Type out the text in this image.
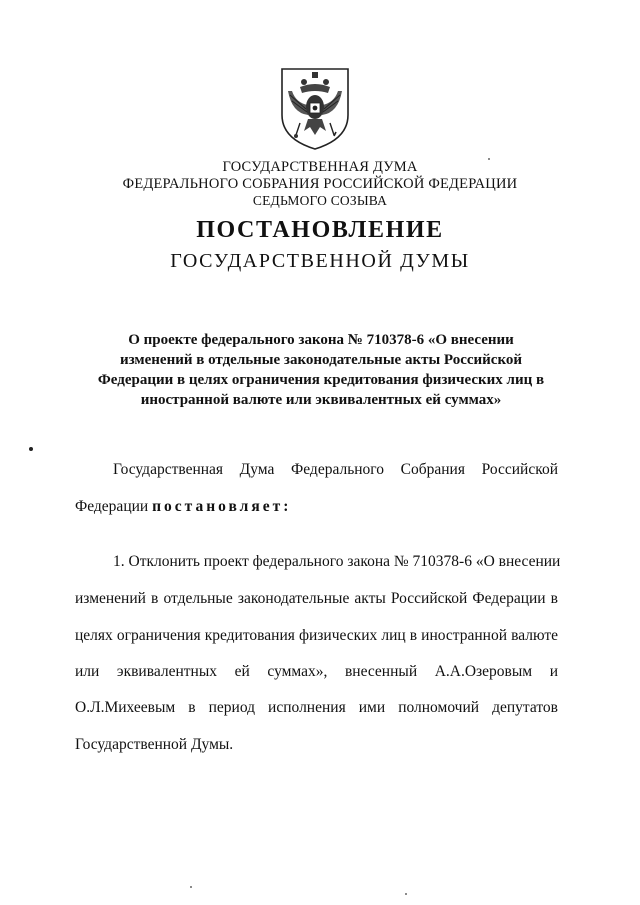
ГОСУДАРСТВЕННАЯ ДУМА
ФЕДЕРАЛЬНОГО СОБРАНИЯ РОССИЙСКОЙ ФЕДЕРАЦИИ
СЕДЬМОГО СОЗЫВА
ПОСТАНОВЛЕНИЕ
ГОСУДАРСТВЕННОЙ ДУМЫ
О проекте федерального закона № 710378-6 «О внесении изменений в отдельные законодательные акты Российской Федерации в целях ограничения кредитования физических лиц в иностранной валюте или эквивалентных ей суммах»
Государственная Дума Федерального Собрания Российской
Федерации постановляет:
1. Отклонить проект федерального закона № 710378-6 «О внесении
изменений в отдельные законодательные акты Российской Федерации в
целях ограничения кредитования физических лиц в иностранной валюте
или эквивалентных ей суммах», внесенный А.А.Озеровым и
О.Л.Михеевым в период исполнения ими полномочий депутатов
Государственной Думы.
